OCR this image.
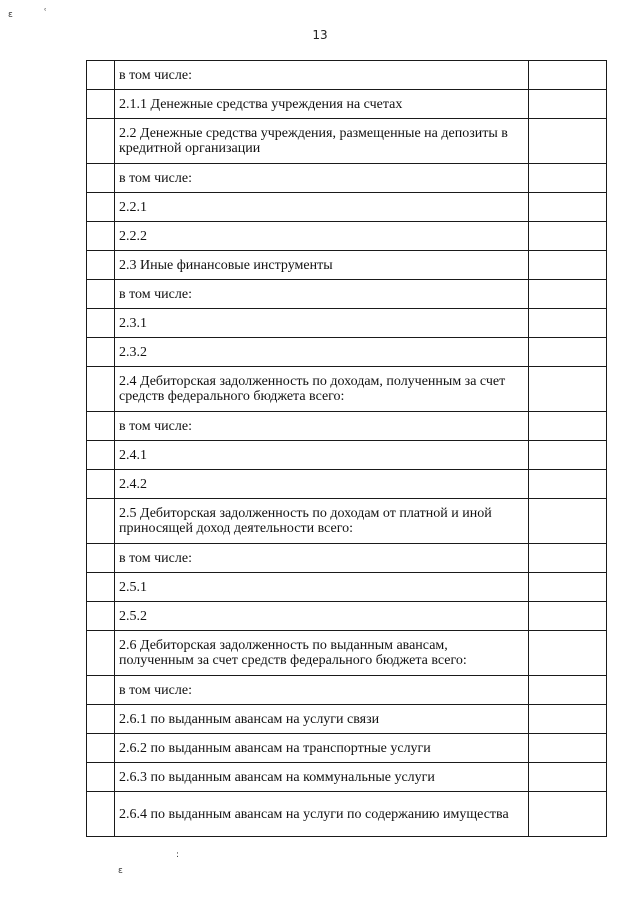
13
ε	ʿ
:
ɛ

	в том числе:	

	2.1.1 Денежные средства учреждения на счетах	

	2.2 Денежные средства учреждения, размещенные на депозиты в кредитной организации	

	в том числе:	

	2.2.1	

	2.2.2	

	2.3 Иные финансовые инструменты	

	в том числе:	

	2.3.1	

	2.3.2	

	2.4 Дебиторская задолженность по доходам, полученным за счет средств федерального бюджета всего:	

	в том числе:	

	2.4.1	

	2.4.2	

	2.5 Дебиторская задолженность по доходам от платной и иной приносящей доход деятельности всего:	

	в том числе:	

	2.5.1	

	2.5.2	

	2.6 Дебиторская задолженность по выданным авансам, полученным за счет средств федерального бюджета всего:	

	в том числе:	

	2.6.1 по выданным авансам на услуги связи	

	2.6.2 по выданным авансам на транспортные услуги	

	2.6.3 по выданным авансам на коммунальные услуги	

	2.6.4 по выданным авансам на услуги по содержанию имущества	
